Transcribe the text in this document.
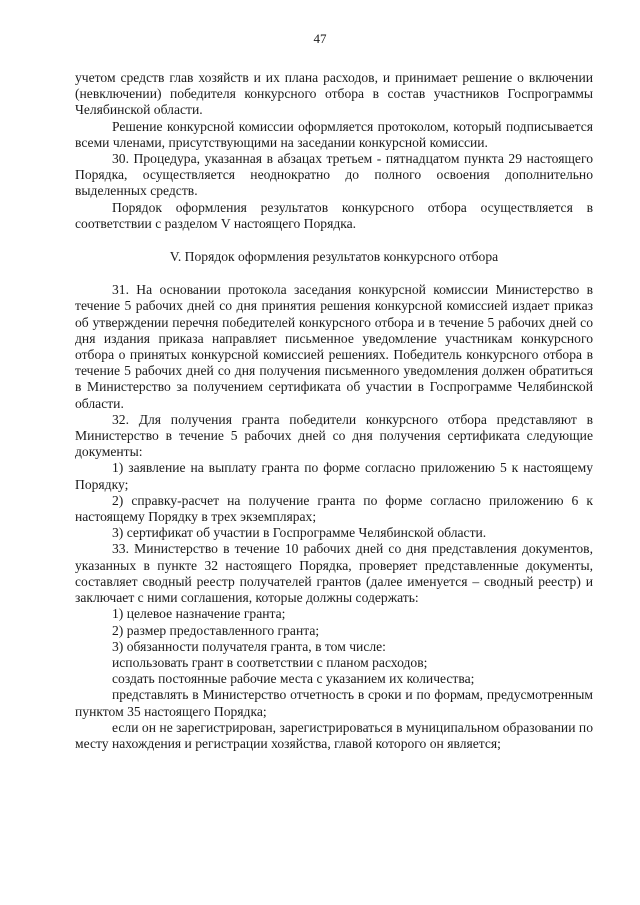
47

учетом средств глав хозяйств и их плана расходов, и принимает решение о включении (невключении) победителя конкурсного отбора в состав участников Госпрограммы Челябинской области.

Решение конкурсной комиссии оформляется протоколом, который подписывается всеми членами, присутствующими на заседании конкурсной комиссии.

30. Процедура, указанная в абзацах третьем - пятнадцатом пункта 29 настоящего Порядка, осуществляется неоднократно до полного освоения дополнительно выделенных средств.

Порядок оформления результатов конкурсного отбора осуществляется в соответствии с разделом V настоящего Порядка.

V. Порядок оформления результатов конкурсного отбора

31. На основании протокола заседания конкурсной комиссии Министерство в течение 5 рабочих дней со дня принятия решения конкурсной комиссией издает приказ об утверждении перечня победителей конкурсного отбора и в течение 5 рабочих дней со дня издания приказа направляет письменное уведомление участникам конкурсного отбора о принятых конкурсной комиссией решениях. Победитель конкурсного отбора в течение 5 рабочих дней со дня получения письменного уведомления должен обратиться в Министерство за получением сертификата об участии в Госпрограмме Челябинской области.

32. Для получения гранта победители конкурсного отбора представляют в Министерство в течение 5 рабочих дней со дня получения сертификата следующие документы:

1) заявление на выплату гранта по форме согласно приложению 5 к настоящему Порядку;

2) справку-расчет на получение гранта по форме согласно приложению 6 к настоящему Порядку в трех экземплярах;

3) сертификат об участии в Госпрограмме Челябинской области.

33. Министерство в течение 10 рабочих дней со дня представления документов, указанных в пункте 32 настоящего Порядка, проверяет представленные документы, составляет сводный реестр получателей грантов (далее именуется – сводный реестр) и заключает с ними соглашения, которые должны содержать:

1) целевое назначение гранта;

2) размер предоставленного гранта;

3) обязанности получателя гранта, в том числе:

использовать грант в соответствии с планом расходов;

создать постоянные рабочие места с указанием их количества;

представлять в Министерство отчетность в сроки и по формам, предусмотренным пунктом 35 настоящего Порядка;

если он не зарегистрирован, зарегистрироваться в муниципальном образовании по месту нахождения и регистрации хозяйства, главой которого он является;
